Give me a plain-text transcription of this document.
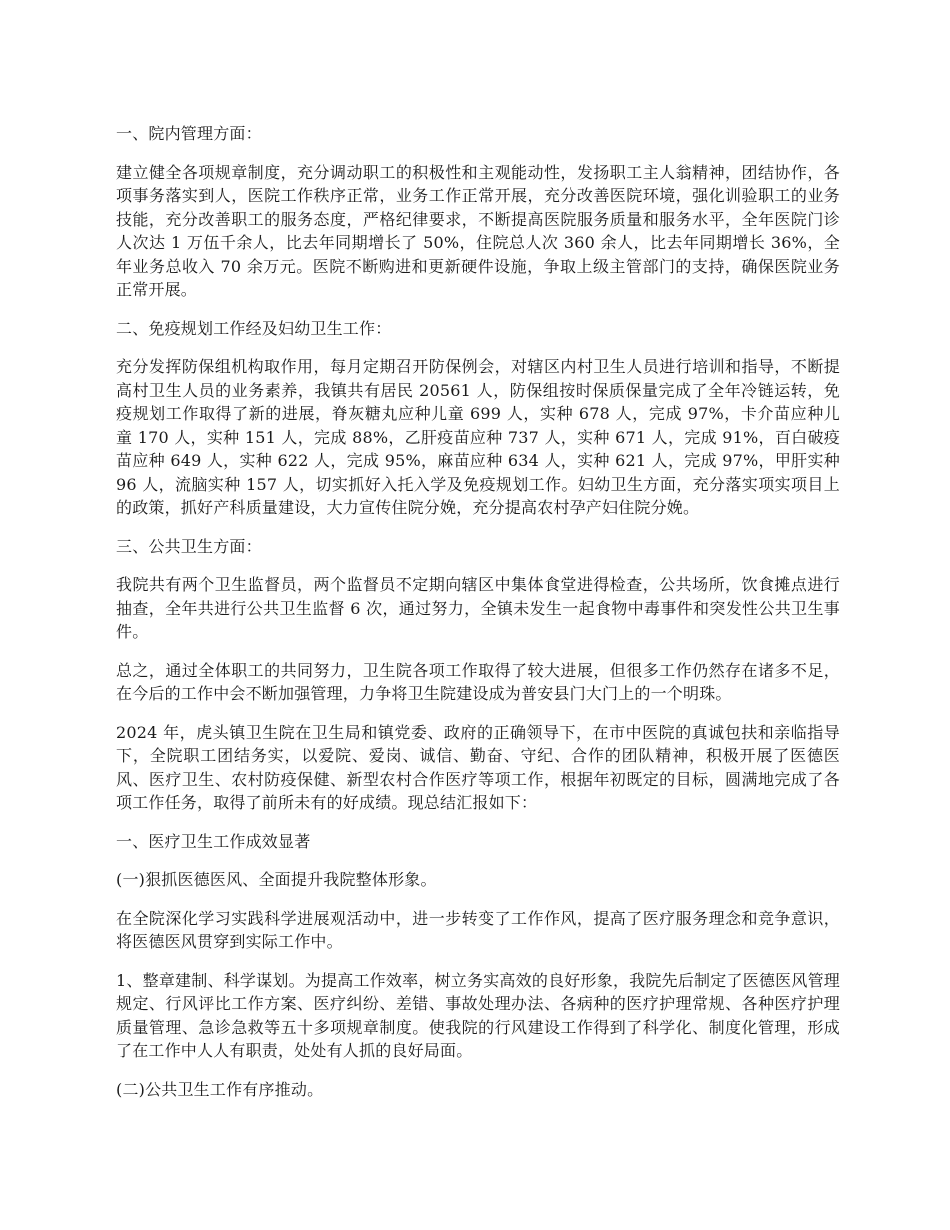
一、院内管理方面：

建立健全各项规章制度，充分调动职工的积极性和主观能动性，发扬职工主人翁精神，团结协作，各项事务落实到人，医院工作秩序正常，业务工作正常开展，充分改善医院环境，强化训验职工的业务技能，充分改善职工的服务态度，严格纪律要求，不断提高医院服务质量和服务水平，全年医院门诊人次达 1 万伍千余人，比去年同期增长了 50%，住院总人次 360 余人，比去年同期增长 36%，全年业务总收入 70 余万元。医院不断购进和更新硬件设施，争取上级主管部门的支持，确保医院业务正常开展。

二、免疫规划工作经及妇幼卫生工作：

充分发挥防保组机构取作用，每月定期召开防保例会，对辖区内村卫生人员进行培训和指导，不断提高村卫生人员的业务素养，我镇共有居民 20561 人，防保组按时保质保量完成了全年冷链运转，免疫规划工作取得了新的进展，脊灰糖丸应种儿童 699 人，实种 678 人，完成 97%，卡介苗应种儿童 170 人，实种 151 人，完成 88%，乙肝疫苗应种 737 人，实种 671 人，完成 91%，百白破疫苗应种 649 人，实种 622 人，完成 95%，麻苗应种 634 人，实种 621 人，完成 97%，甲肝实种 96 人，流脑实种 157 人，切实抓好入托入学及免疫规划工作。妇幼卫生方面，充分落实项实项目上的政策，抓好产科质量建设，大力宣传住院分娩，充分提高农村孕产妇住院分娩。

三、公共卫生方面：

我院共有两个卫生监督员，两个监督员不定期向辖区中集体食堂进得检查，公共场所，饮食摊点进行抽查，全年共进行公共卫生监督 6 次，通过努力，全镇未发生一起食物中毒事件和突发性公共卫生事件。

总之，通过全体职工的共同努力，卫生院各项工作取得了较大进展，但很多工作仍然存在诸多不足，在今后的工作中会不断加强管理，力争将卫生院建设成为普安县门大门上的一个明珠。

2024 年，虎头镇卫生院在卫生局和镇党委、政府的正确领导下，在市中医院的真诚包扶和亲临指导下，全院职工团结务实，以爱院、爱岗、诚信、勤奋、守纪、合作的团队精神，积极开展了医德医风、医疗卫生、农村防疫保健、新型农村合作医疗等项工作，根据年初既定的目标，圆满地完成了各项工作任务，取得了前所未有的好成绩。现总结汇报如下：

一、医疗卫生工作成效显著

(一)狠抓医德医风、全面提升我院整体形象。

在全院深化学习实践科学进展观活动中，进一步转变了工作作风，提高了医疗服务理念和竞争意识，将医德医风贯穿到实际工作中。

1、整章建制、科学谋划。为提高工作效率，树立务实高效的良好形象，我院先后制定了医德医风管理规定、行风评比工作方案、医疗纠纷、差错、事故处理办法、各病种的医疗护理常规、各种医疗护理质量管理、急诊急救等五十多项规章制度。使我院的行风建设工作得到了科学化、制度化管理，形成了在工作中人人有职责，处处有人抓的良好局面。

(二)公共卫生工作有序推动。
